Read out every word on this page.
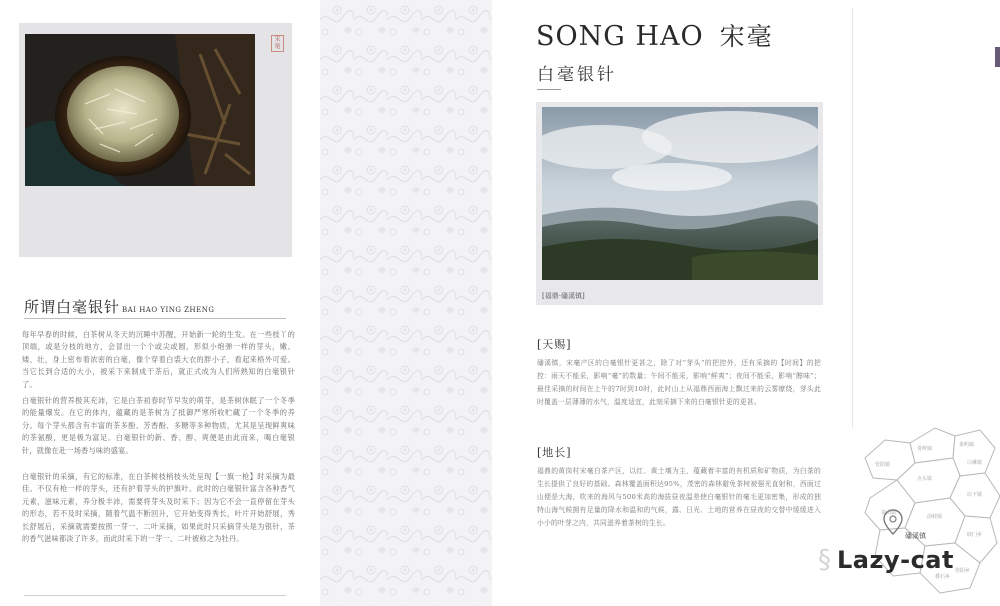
宋毫
所谓白毫银针 BAI HAO YING ZHENG
每年早春的时候，白茶树从冬天的沉睡中苏醒，开始新一轮的生发。在一些枝丫的顶端，或是分枝的地方，会冒出一个个或尖或圆，形似小炮弹一样的芽头，嫩、矮、壮，身上密布着浓密的白毫，像个穿着白裘大衣的胖小子，看起来格外可爱。当它长到合适的大小，被采下来制成干茶后，就正式成为人们所熟知的白毫银针了。
白毫银针的营养极其充沛，它是白茶初春时节早发的萌芽，是茶树休眠了一个冬季的能量爆发。在它的体内，蕴藏的是茶树为了抵御严寒所收贮藏了一个冬季的养分。每个芽头都含有丰富的茶多酚、芳香酚、多糖等多种物质，尤其是呈现鲜爽味的茶氨酸，更是极为富足。白毫银针的新、香、醇、爽便是由此而来，喝白毫银针，就像在赴一场香与味的盛宴。
白毫银针的采摘，有它的标准，在白茶树枝梢枝头处呈现【一旗一枪】时采摘为最佳。不仅有枪一样的芽头，还有护着芽头的护旗叶。此时的白毫银针富含各种香气元素，滋味元素，养分极丰沛，需要将芽头及时采下；因为它不会一直停留在芽头的形态，若不及时采摘，随着气温不断回升，它开始变得秀长，叶片开始舒展，秀长舒展后，采摘就需要按照一芽一、二叶采摘，如果此时只采摘芽头是为银针，茶的香气滋味都淡了许多，而此时采下的一芽一、二叶被称之为牡丹。
SONG HAO 宋毫
白毫银针
[福鼎·磻溪镇]
[天赐]
磻溪镇，宋毫产区的白毫银针更甚之，除了对“芽头”的把控外，还有采摘的【时间】的把控：雨天不能采，影响“毫”的数量；午间不能采，影响“鲜爽”；夜间不能采，影响“醇味”；最佳采摘的时间在上午的7时到10时，此时山上从福鼎西面海上飘过来的云雾缭绕，芽头此时覆盖一层薄薄的水气，温度适宜，此刻采摘下来的白毫银针更的更甚。
[地长]
福鼎的黄岗村宋毫白茶产区，以红、黄土壤为主，蕴藏着丰富的有机质和矿物质，为白茶的生长提供了良好的基础。森林覆盖面积达95%，茂密的森林避免茶树被强光直射和，西面过山便是大海，吹来的海风与500米高的海拔昼夜温差使白毫银针的毫毛更加密集，形成的独特山海气候拥有足量的降水和温和的气候，露、日光、土地的营养在昼夜的交替中缓缓进入小小的叶芽之内，共同滋养着茶树的生长。
贯岭镇
秦屿镇
白琳镇
管阳镇
点头镇
店下镇
前岐镇
硖门乡
嵛山镇
叠石乡
佳阳乡
磻溪镇
§ Lazy-cat
